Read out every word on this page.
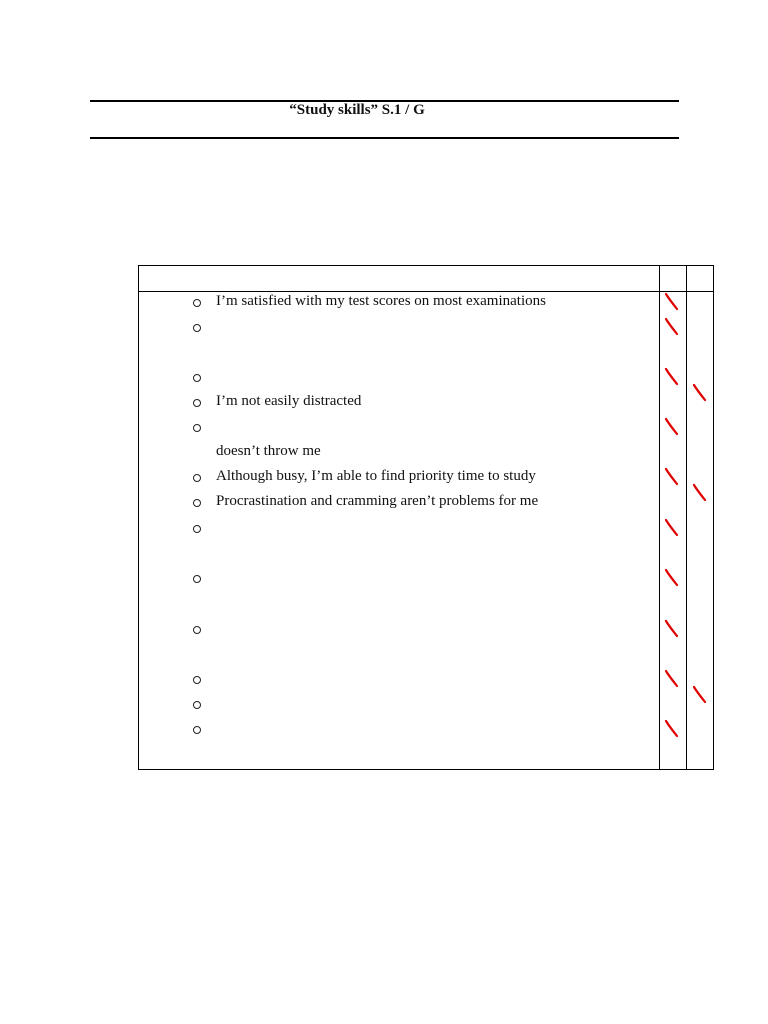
“Study skills” S.1 / G
I’m satisfied with my test scores on most examinations
I’m not easily distracted
doesn’t throw me
Although busy, I’m able to find priority time to study
Procrastination and cramming aren’t problems for me
